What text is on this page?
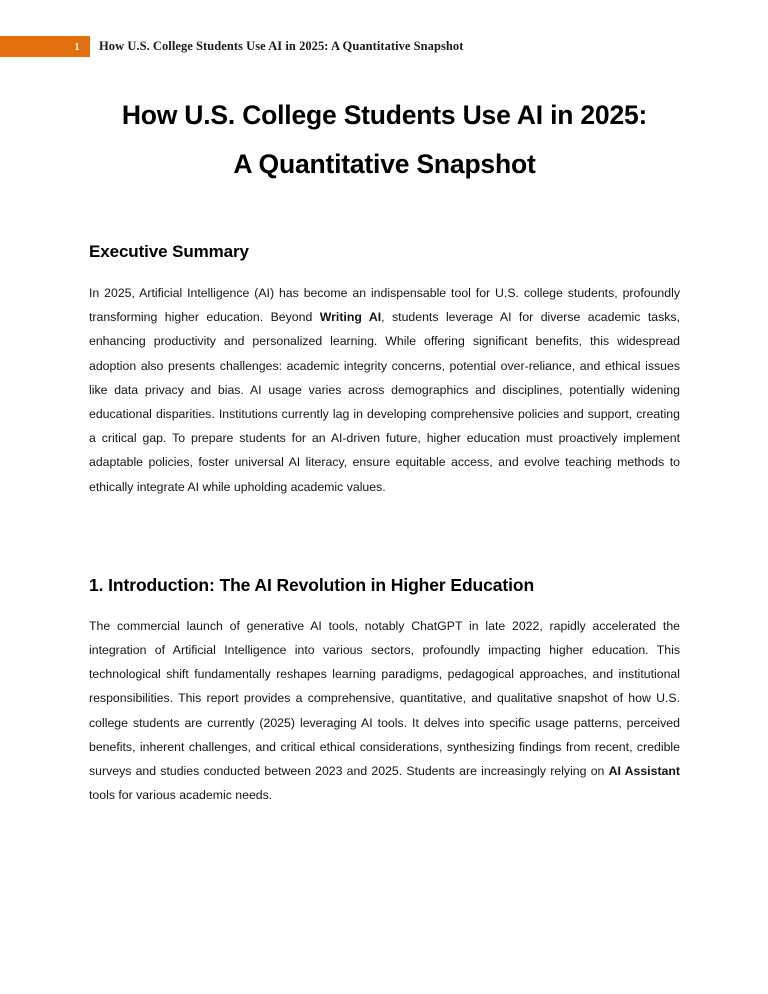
1	How U.S. College Students Use AI in 2025: A Quantitative Snapshot
How U.S. College Students Use AI in 2025:
A Quantitative Snapshot
Executive Summary

In 2025, Artificial Intelligence (AI) has become an indispensable tool for U.S. college students, profoundly transforming higher education. Beyond Writing AI, students leverage AI for diverse academic tasks, enhancing productivity and personalized learning. While offering significant benefits, this widespread adoption also presents challenges: academic integrity concerns, potential over-reliance, and ethical issues like data privacy and bias. AI usage varies across demographics and disciplines, potentially widening educational disparities. Institutions currently lag in developing comprehensive policies and support, creating a critical gap. To prepare students for an AI-driven future, higher education must proactively implement adaptable policies, foster universal AI literacy, ensure equitable access, and evolve teaching methods to ethically integrate AI while upholding academic values.

1. Introduction: The AI Revolution in Higher Education

The commercial launch of generative AI tools, notably ChatGPT in late 2022, rapidly accelerated the integration of Artificial Intelligence into various sectors, profoundly impacting higher education. This technological shift fundamentally reshapes learning paradigms, pedagogical approaches, and institutional responsibilities. This report provides a comprehensive, quantitative, and qualitative snapshot of how U.S. college students are currently (2025) leveraging AI tools. It delves into specific usage patterns, perceived benefits, inherent challenges, and critical ethical considerations, synthesizing findings from recent, credible surveys and studies conducted between 2023 and 2025. Students are increasingly relying on AI Assistant tools for various academic needs.
